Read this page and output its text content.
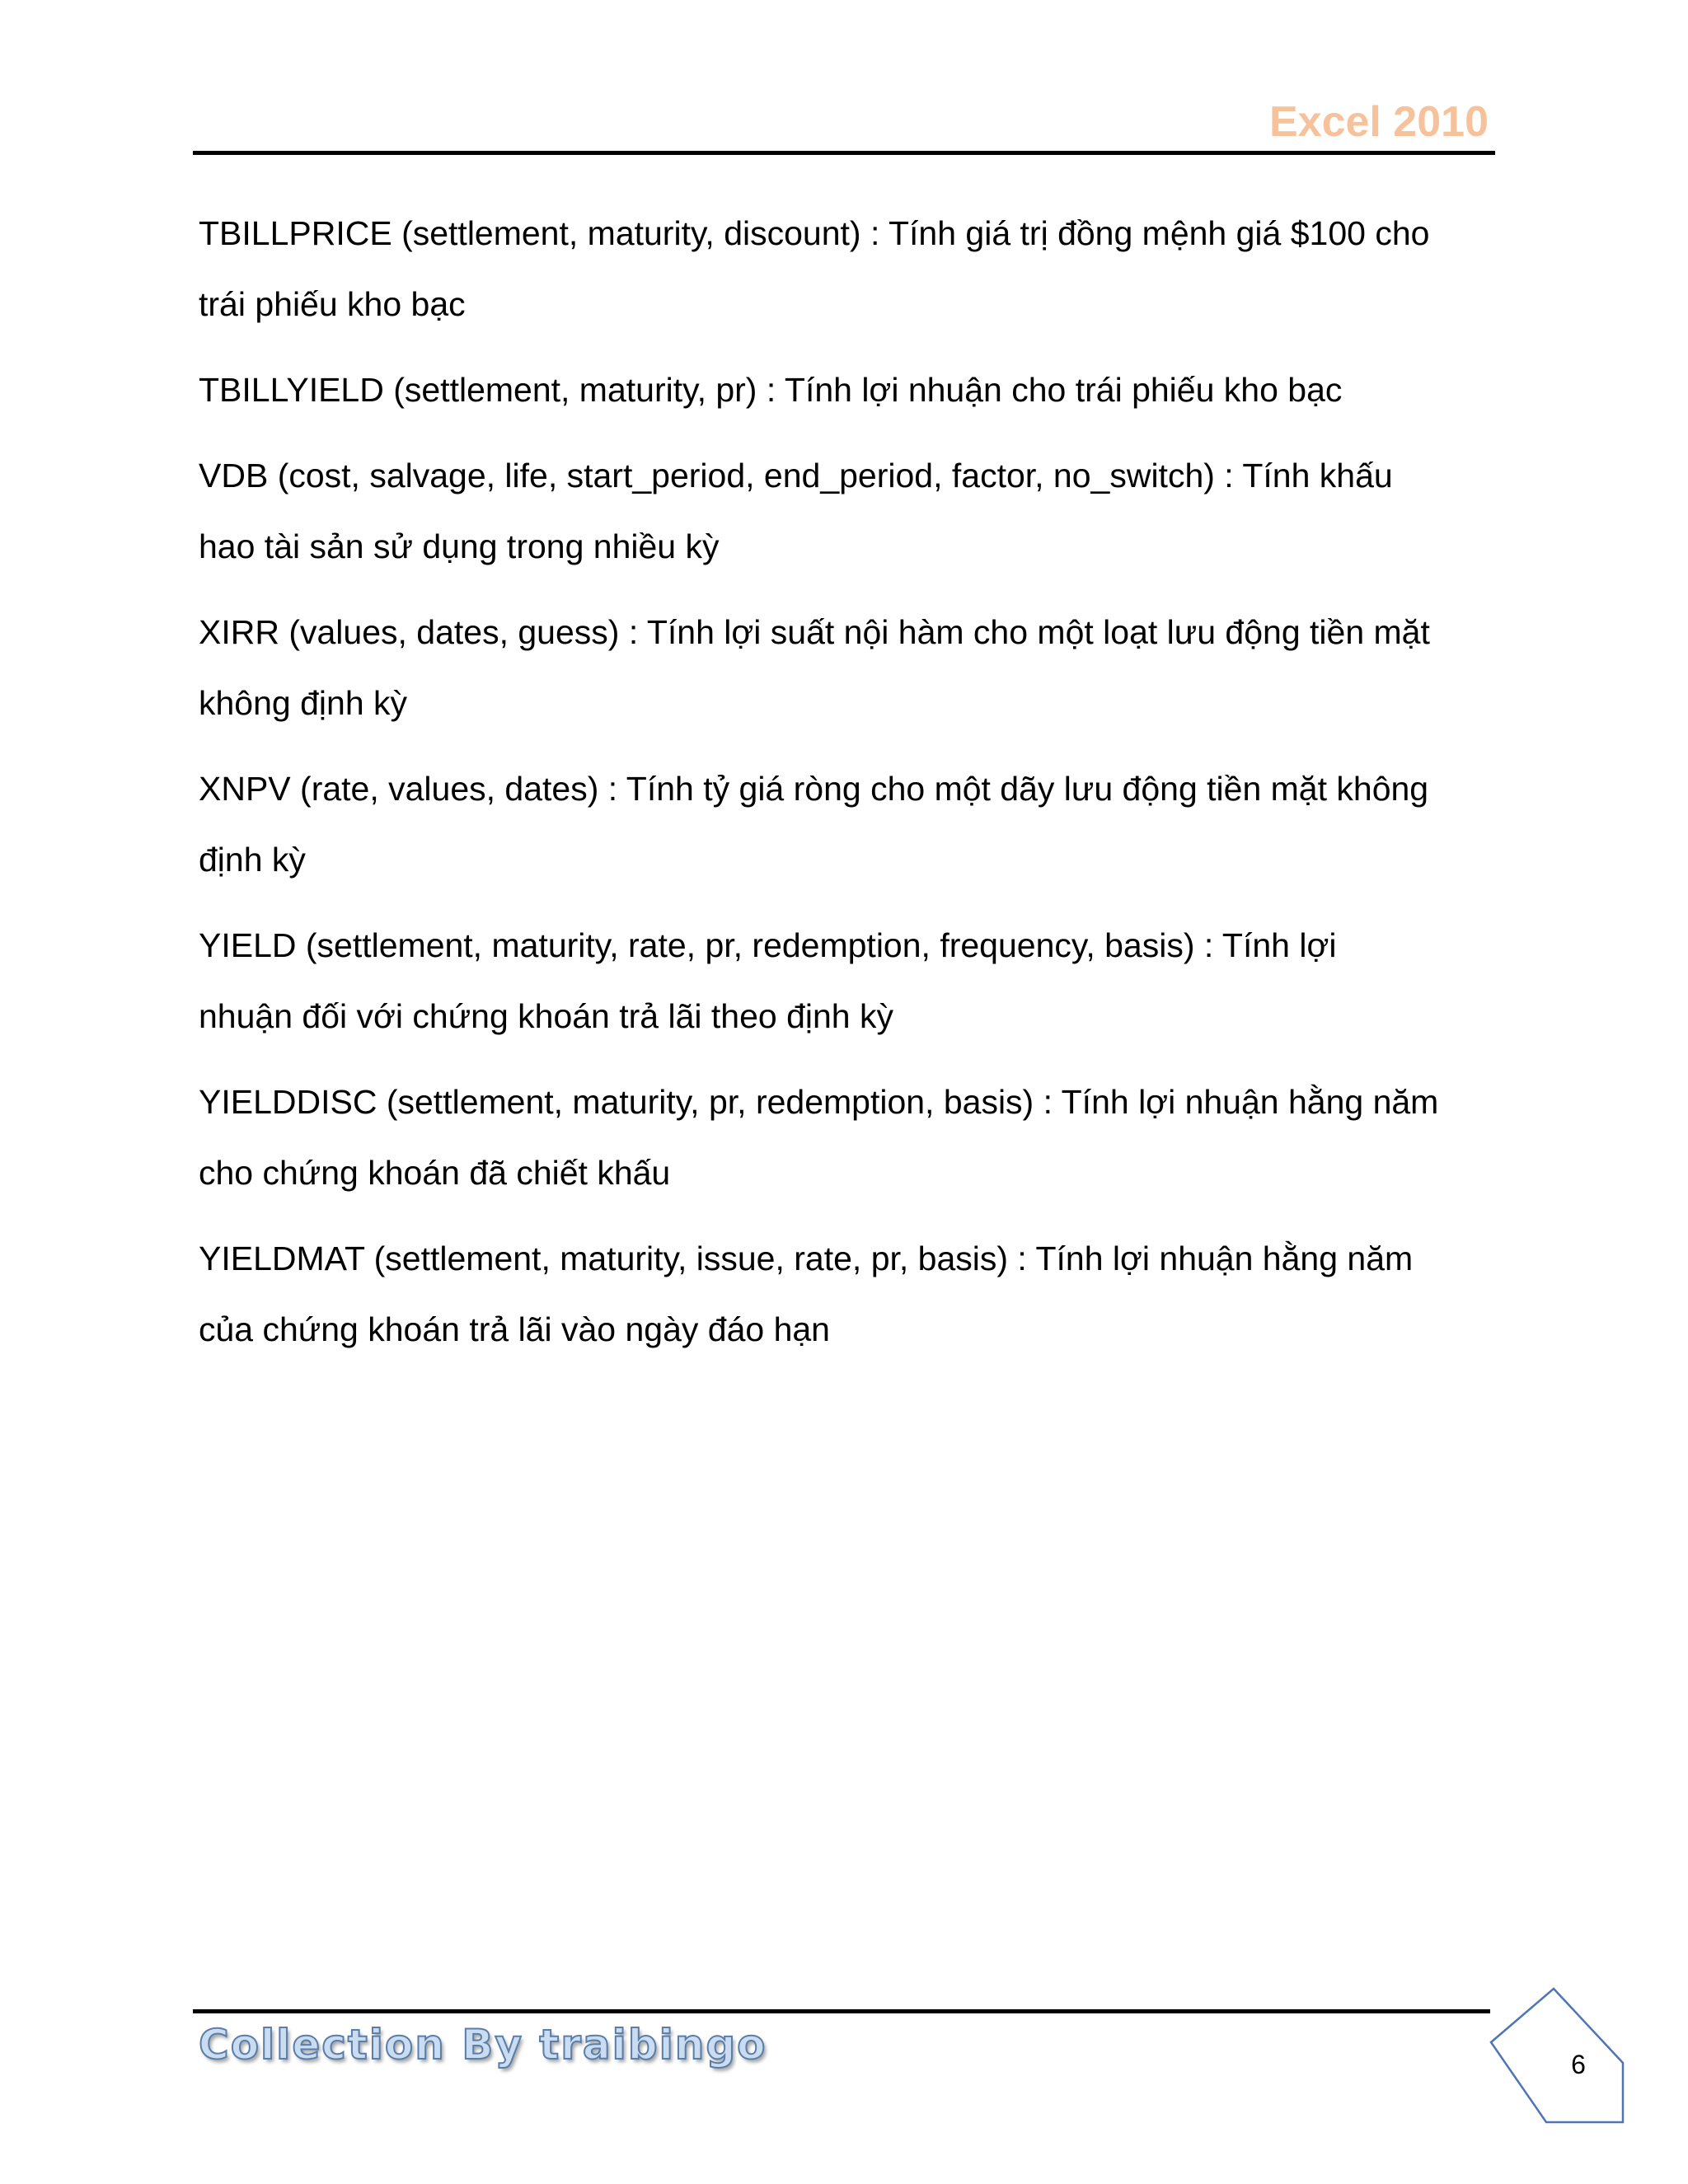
Excel 2010

TBILLPRICE (settlement, maturity, discount) : Tính giá trị đồng mệnh giá $100 cho
trái phiếu kho bạc

TBILLYIELD (settlement, maturity, pr) : Tính lợi nhuận cho trái phiếu kho bạc

VDB (cost, salvage, life, start_period, end_period, factor, no_switch) : Tính khấu
hao tài sản sử dụng trong nhiều kỳ

XIRR (values, dates, guess) : Tính lợi suất nội hàm cho một loạt lưu động tiền mặt
không định kỳ

XNPV (rate, values, dates) : Tính tỷ giá ròng cho một dãy lưu động tiền mặt không
định kỳ

YIELD (settlement, maturity, rate, pr, redemption, frequency, basis) : Tính lợi
nhuận đối với chứng khoán trả lãi theo định kỳ

YIELDDISC (settlement, maturity, pr, redemption, basis) : Tính lợi nhuận hằng năm
cho chứng khoán đã chiết khấu

YIELDMAT (settlement, maturity, issue, rate, pr, basis) : Tính lợi nhuận hằng năm
của chứng khoán trả lãi vào ngày đáo hạn

Collection By traibingo	6
